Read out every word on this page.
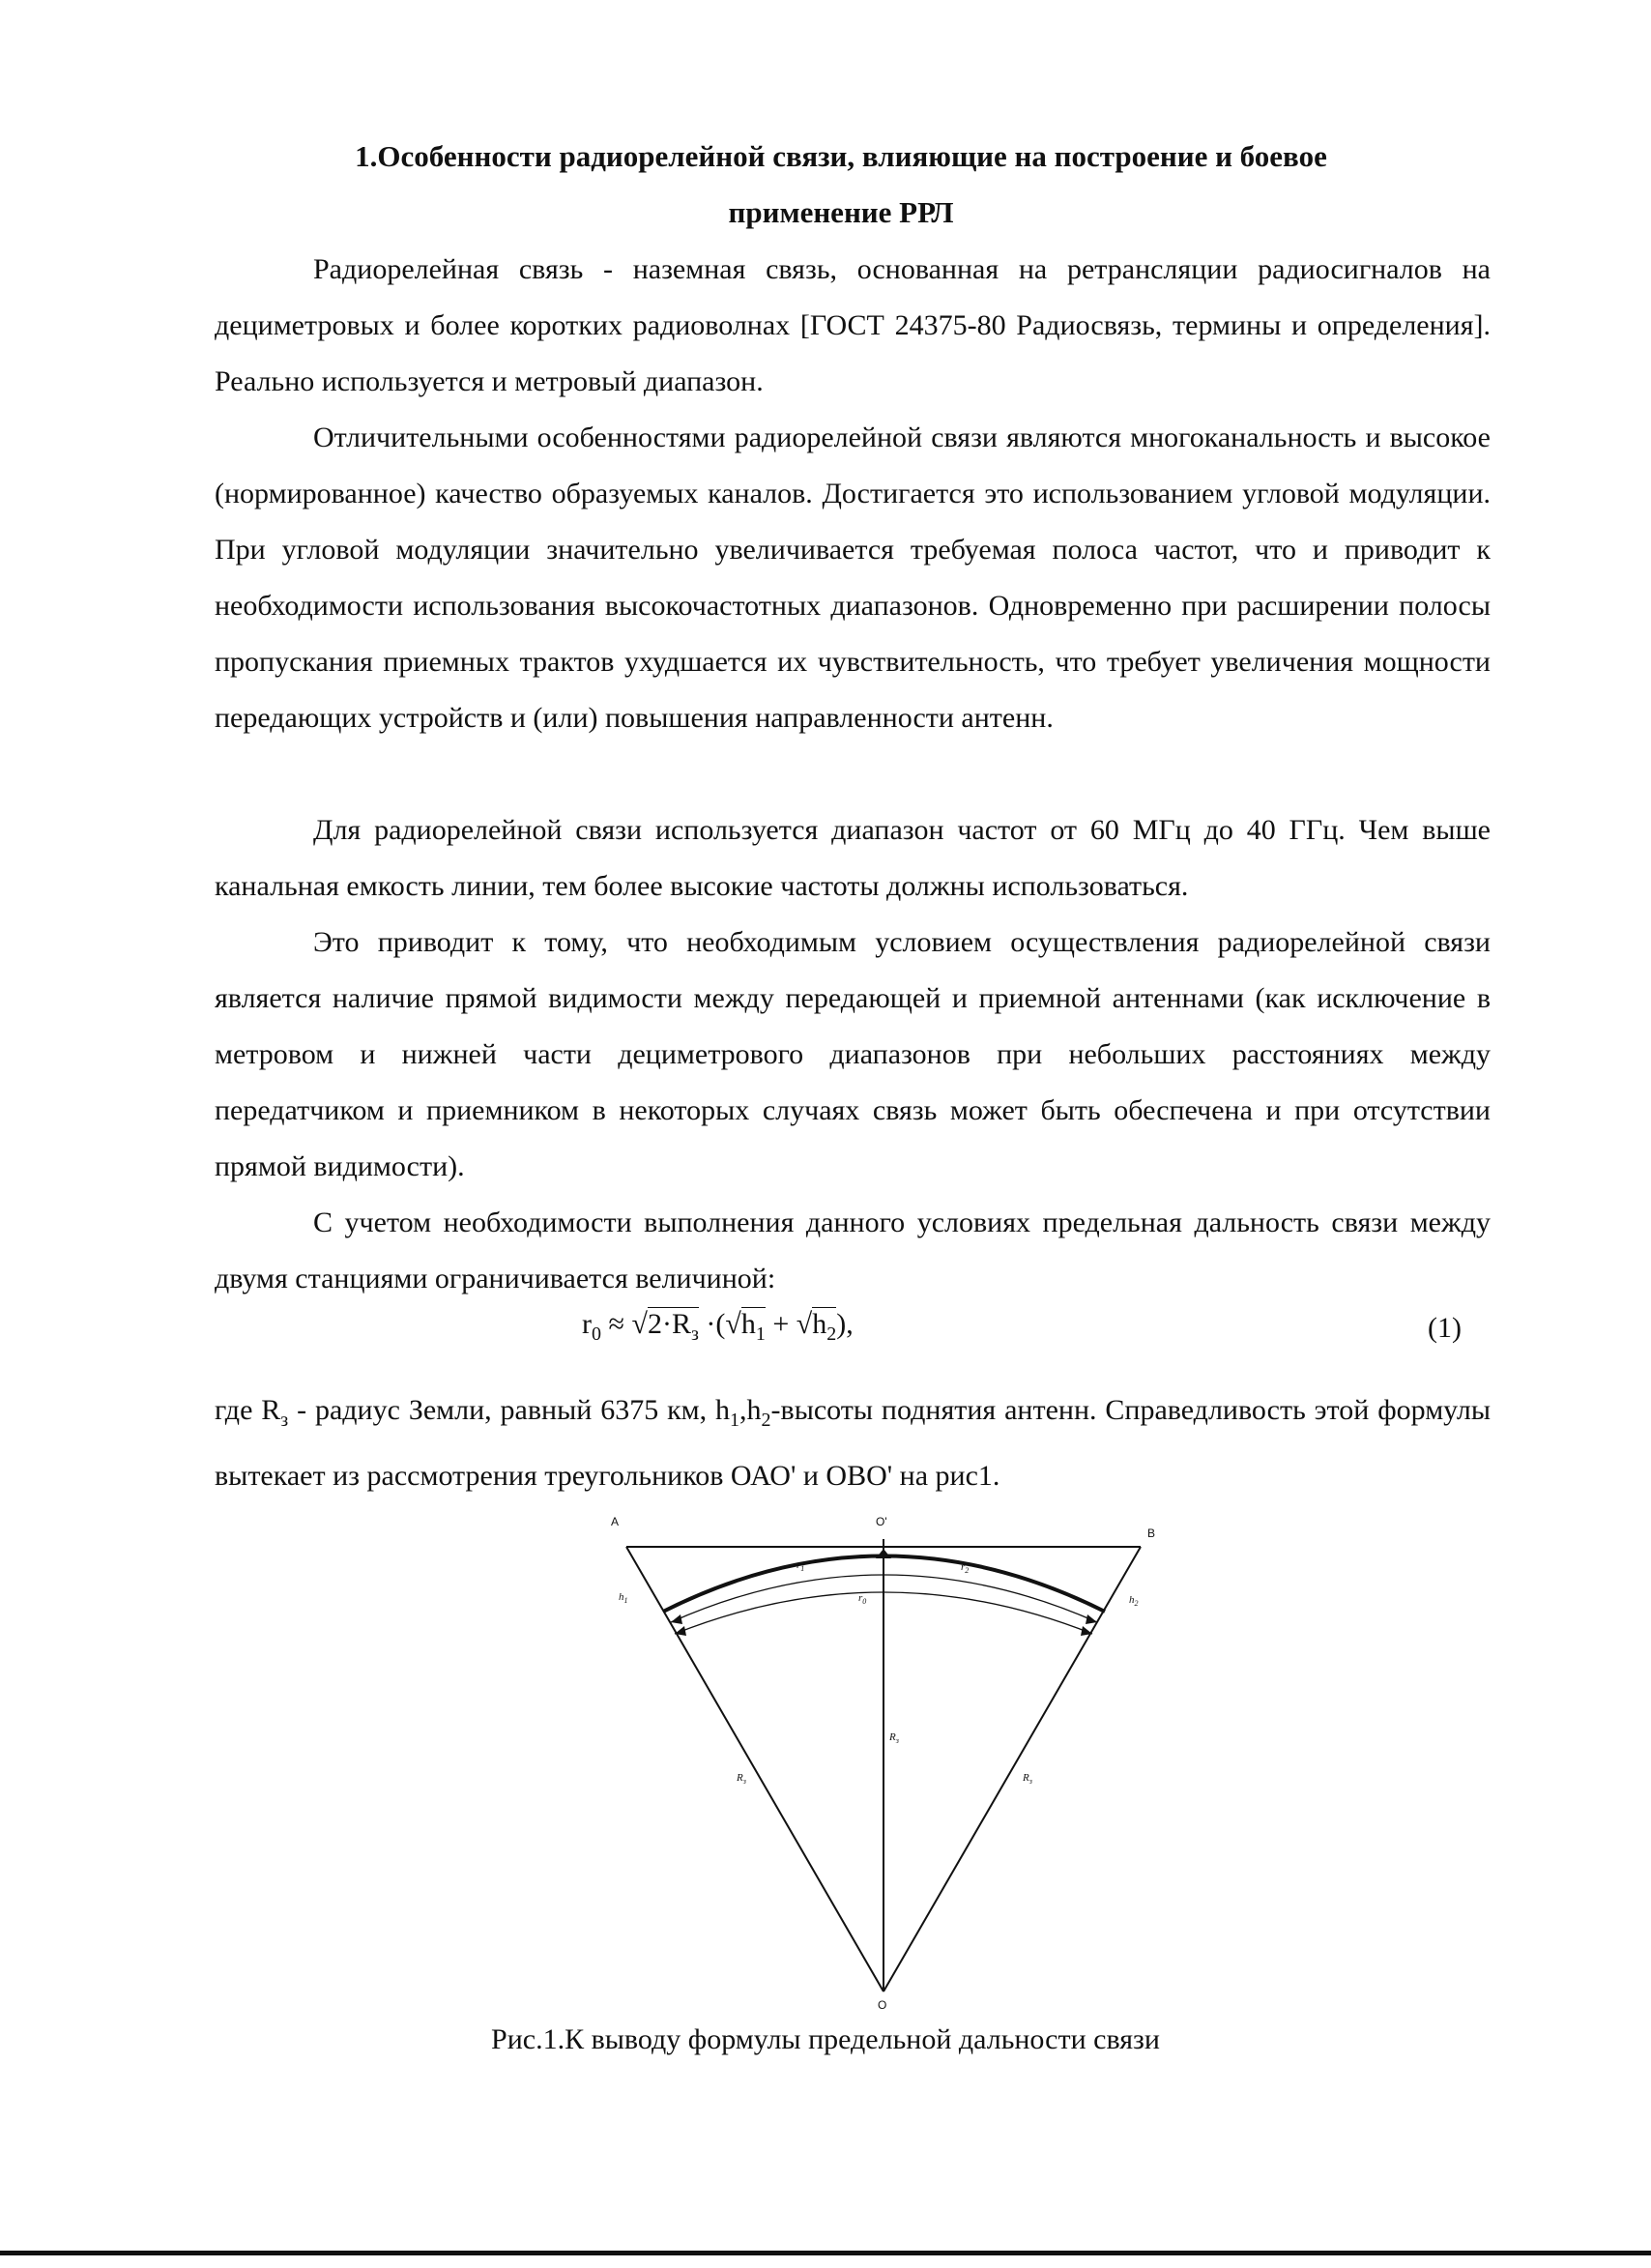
1.Особенности радиорелейной связи, влияющие на построение и боевое
применение РРЛ

Радиорелейная связь - наземная связь, основанная на ретрансляции радиосигналов на дециметровых и более коротких радиоволнах [ГОСТ 24375-80 Радиосвязь, термины и определения]. Реально используется и метровый диапазон.

Отличительными особенностями радиорелейной связи являются многоканальность и высокое (нормированное) качество образуемых каналов. Достигается это использованием угловой модуляции. При угловой модуляции значительно увеличивается требуемая полоса частот, что и приводит к необходимости использования высокочастотных диапазонов. Одновременно при расширении полосы пропускания приемных трактов ухудшается их чувствительность, что требует увеличения мощности передающих устройств и (или) повышения направленности антенн.

Для радиорелейной связи используется диапазон частот от 60 МГц до 40 ГГц. Чем выше канальная емкость линии, тем более высокие частоты должны использоваться.

Это приводит к тому, что необходимым условием осуществления радиорелейной связи является наличие прямой видимости между передающей и приемной антеннами (как исключение в метровом и нижней части дециметрового диапазонов при небольших расстояниях между передатчиком и приемником в некоторых случаях связь может быть обеспечена и при отсутствии прямой видимости).

С учетом необходимости выполнения данного условиях предельная дальность связи между двумя станциями ограничивается величиной:

$r_0 \approx √2\cdot R_з \cdot(√h_1 + √h_2)$,	(1)
где $R_з$ - радиус Земли, равный 6375 км, $h_1,h_2$-высоты поднятия антенн. Справедливость этой формулы вытекает из рассмотрения треугольников ОАО' и ОВО' на рис1.
A
B
O'
O
$h_1$	$h_2$
$r_1$	$r_2$
$r_0$
$R_з$
$R_з$	$R_з$
Рис.1.К выводу формулы предельной дальности связи
